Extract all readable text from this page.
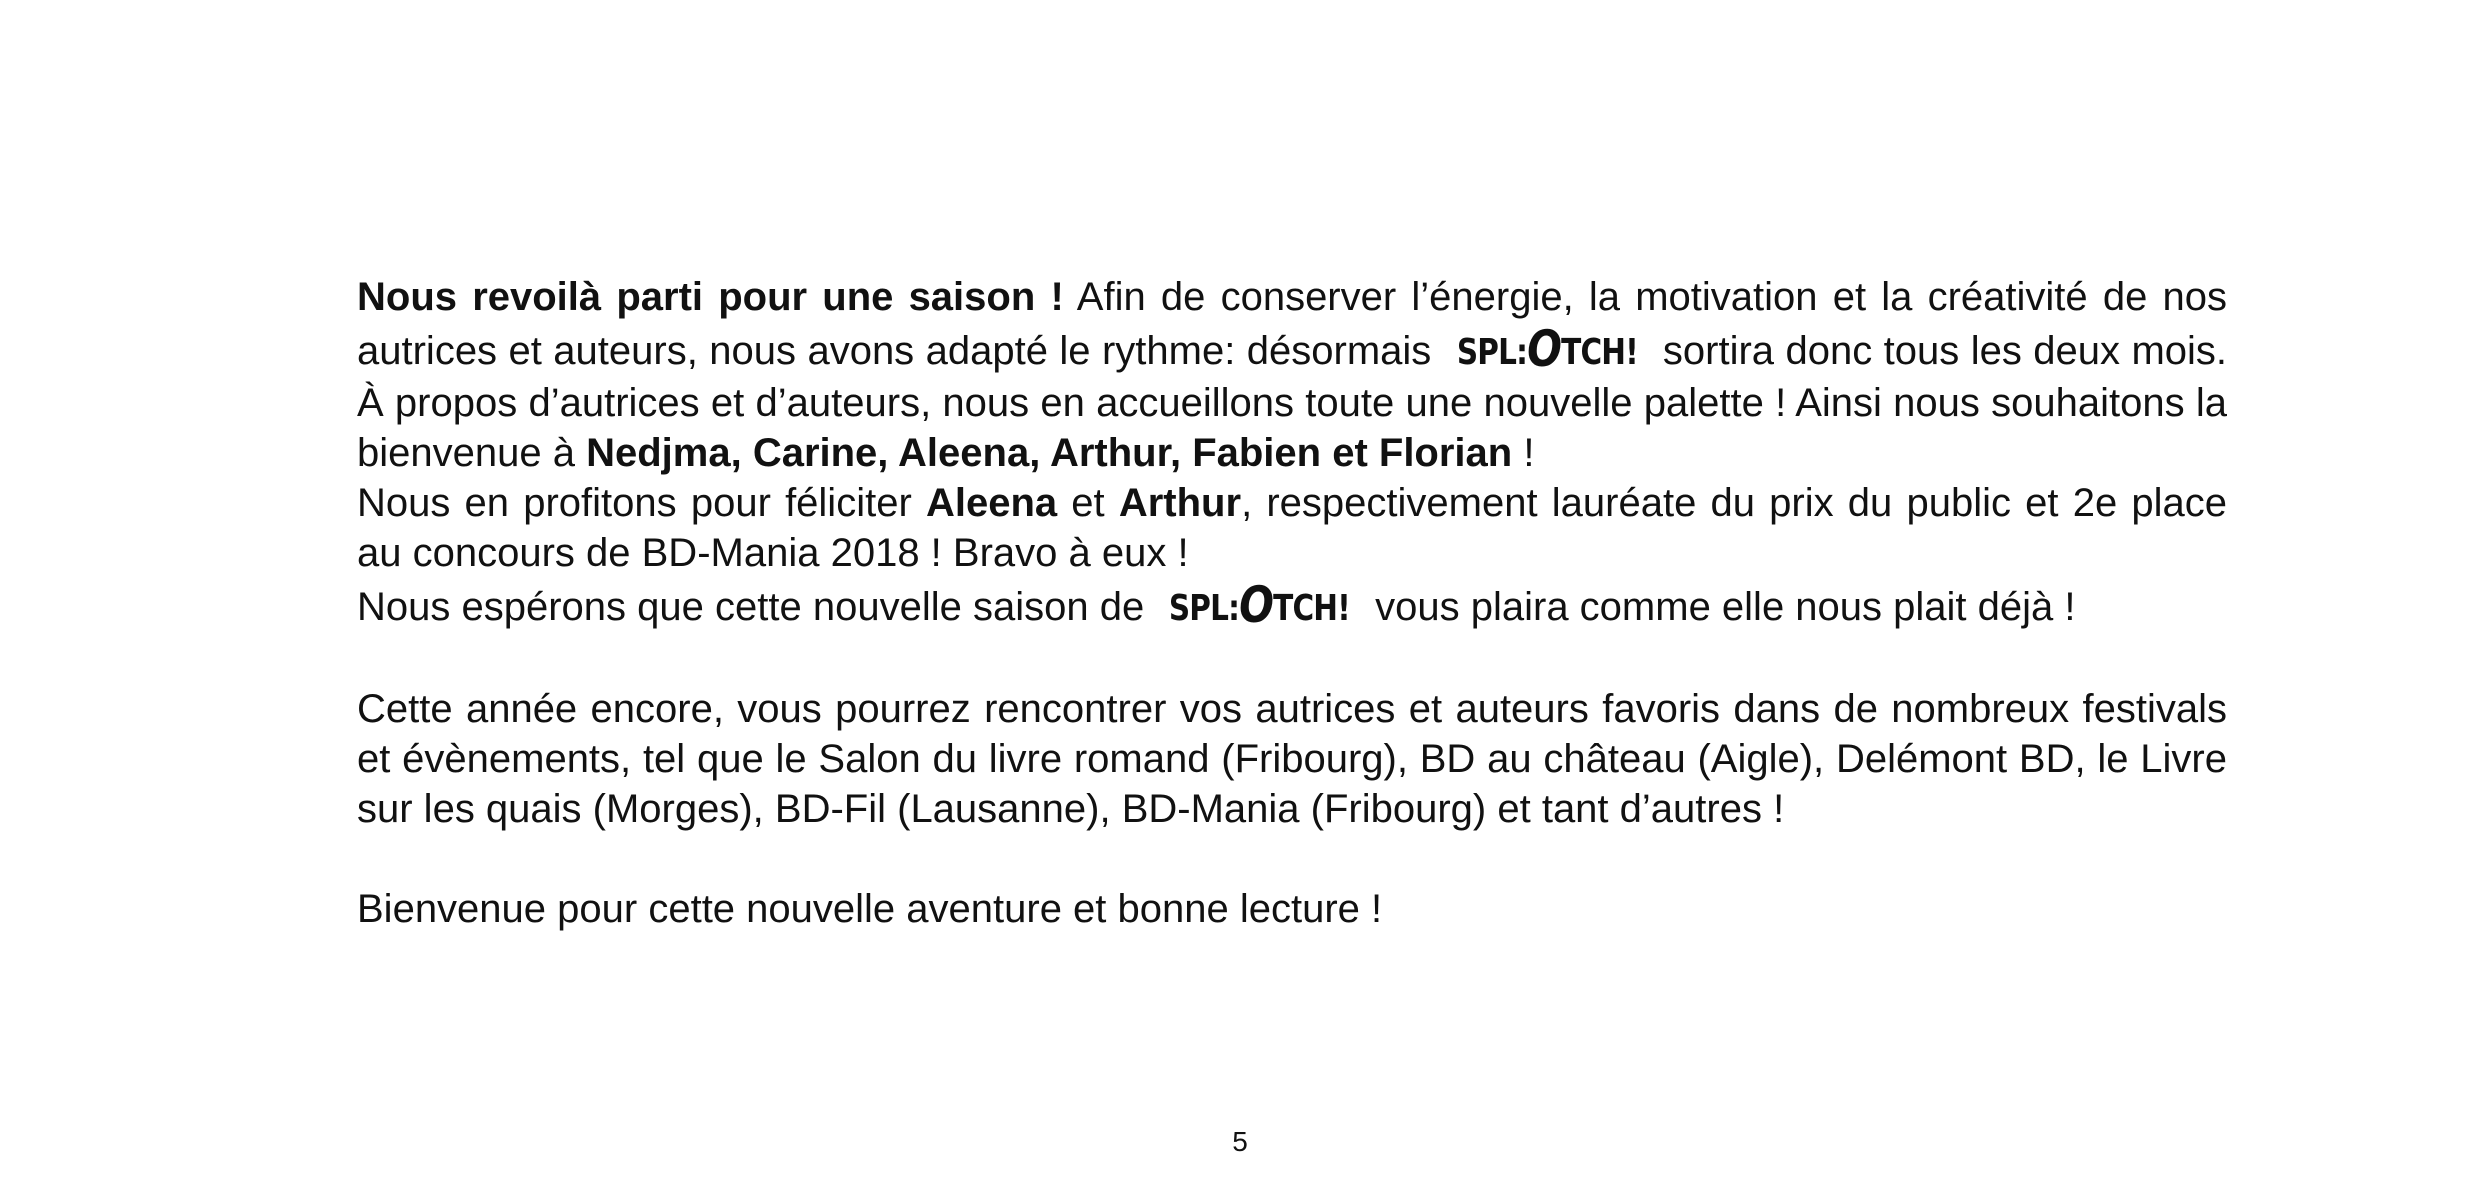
Nous revoilà parti pour une saison ! Afin de conserver l’énergie, la motivation et la créativité de nos autrices et auteurs, nous avons adapté le rythme: désormais SPL:OTCH! sortira donc tous les deux mois. À propos d’autrices et d’auteurs, nous en accueillons toute une nouvelle palette ! Ainsi nous souhaitons la bienvenue à Nedjma, Carine, Aleena, Arthur, Fabien et Florian !

Nous en profitons pour féliciter Aleena et Arthur, respectivement lauréate du prix du public et 2e place au concours de BD-Mania 2018 ! Bravo à eux !

Nous espérons que cette nouvelle saison de SPL:OTCH! vous plaira comme elle nous plait déjà !

Cette année encore, vous pourrez rencontrer vos autrices et auteurs favoris dans de nombreux festivals et évènements, tel que le Salon du livre romand (Fribourg), BD au château (Aigle), Delémont BD, le Livre sur les quais (Morges), BD-Fil (Lausanne), BD-Mania (Fribourg) et tant d’autres !

Bienvenue pour cette nouvelle aventure et bonne lecture !

5
